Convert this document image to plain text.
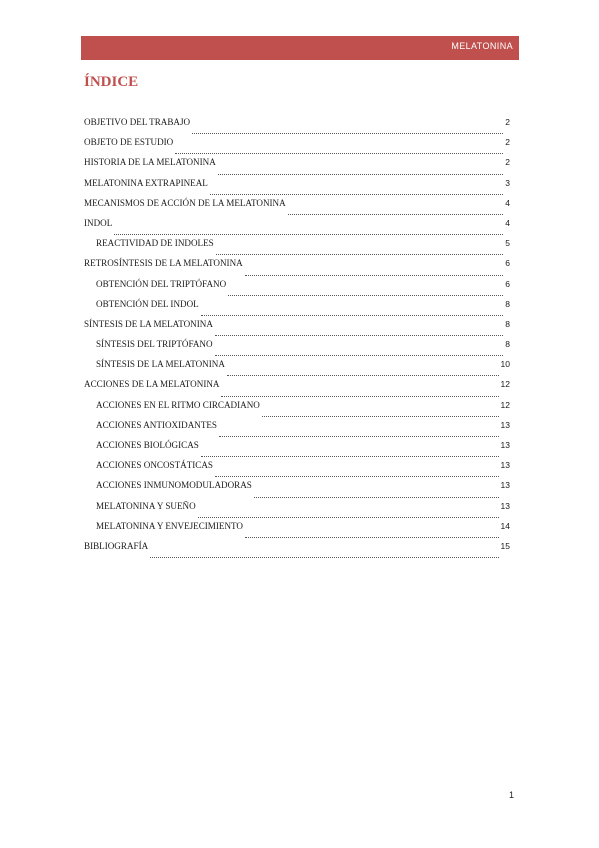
MELATONINA
ÍNDICE
OBJETIVO DEL TRABAJO	2
OBJETO DE ESTUDIO	2
HISTORIA DE LA MELATONINA	2
MELATONINA EXTRAPINEAL	3
MECANISMOS DE ACCIÓN DE LA MELATONINA	4
INDOL	4
REACTIVIDAD DE INDOLES	5
RETROSÍNTESIS DE LA MELATONINA	6
OBTENCIÓN DEL TRIPTÓFANO	6
OBTENCIÓN DEL INDOL	8
SÍNTESIS DE LA MELATONINA	8
SÍNTESIS DEL TRIPTÓFANO	8
SÍNTESIS DE LA MELATONINA	10
ACCIONES DE LA MELATONINA	12
ACCIONES EN EL RITMO CIRCADIANO	12
ACCIONES ANTIOXIDANTES	13
ACCIONES BIOLÓGICAS	13
ACCIONES ONCOSTÁTICAS	13
ACCIONES INMUNOMODULADORAS	13
MELATONINA Y SUEÑO	13
MELATONINA Y ENVEJECIMIENTO	14
BIBLIOGRAFÍA	15
1
